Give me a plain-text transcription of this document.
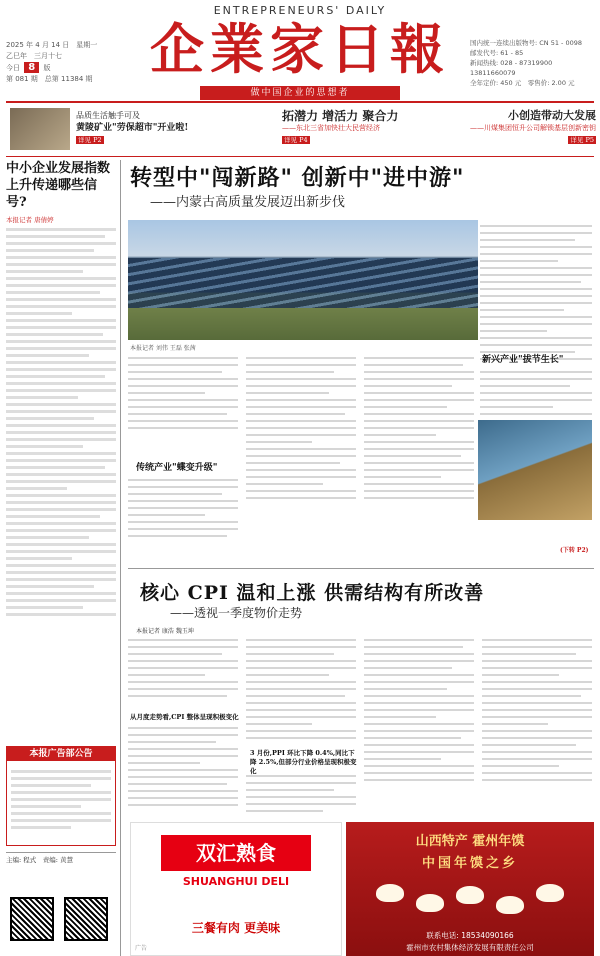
ENTREPRENEURS' DAILY
企業家日報
做中国企业的思想者
2025 年 4 月 14 日　星期一
乙巳年　三月十七
今日 8 版
第 081 期　总第 11384 期
国内统一连续出版物号: CN 51 - 0098
邮发代号: 61 - 85
新闻热线: 028 - 87319900
13811660079
全年定价: 450 元　零售价: 2.00 元
品质生活触手可及
黄陵矿业"劳保超市"开业啦!
详见 P2
拓潜力 增活力 聚合力
——东北三省加快壮大民营经济
详见 P4
小创造带动大发展
——川煤集团恒升公司解锁基层创新密钥
详见 P5
中小企业发展指数上升传递哪些信号?
本报记者 唐倩婷
本报广告部公告
主编: 程式　责编: 黄慧
转型中"闯新路" 创新中"进中游"
——内蒙古高质量发展迈出新步伐
本报记者 刘伟 王磊 张茜
新兴产业"拔节生长"
(下转 P2)
传统产业"蝶变升级"
核心 CPI 温和上涨 供需结构有所改善
——透视一季度物价走势
本报记者 康浩 魏玉坤
从月度走势看,CPI 整体呈现积极变化
3 月份,PPI 环比下降 0.4%,同比下降 2.5%,但部分行业价格呈现积极变化
双汇熟食
SHUANGHUI DELI
三餐有肉 更美味
广告
山西特产 霍州年馍
中国年馍之乡
联系电话: 18534090166
霍州市农村集体经济发展有限责任公司
